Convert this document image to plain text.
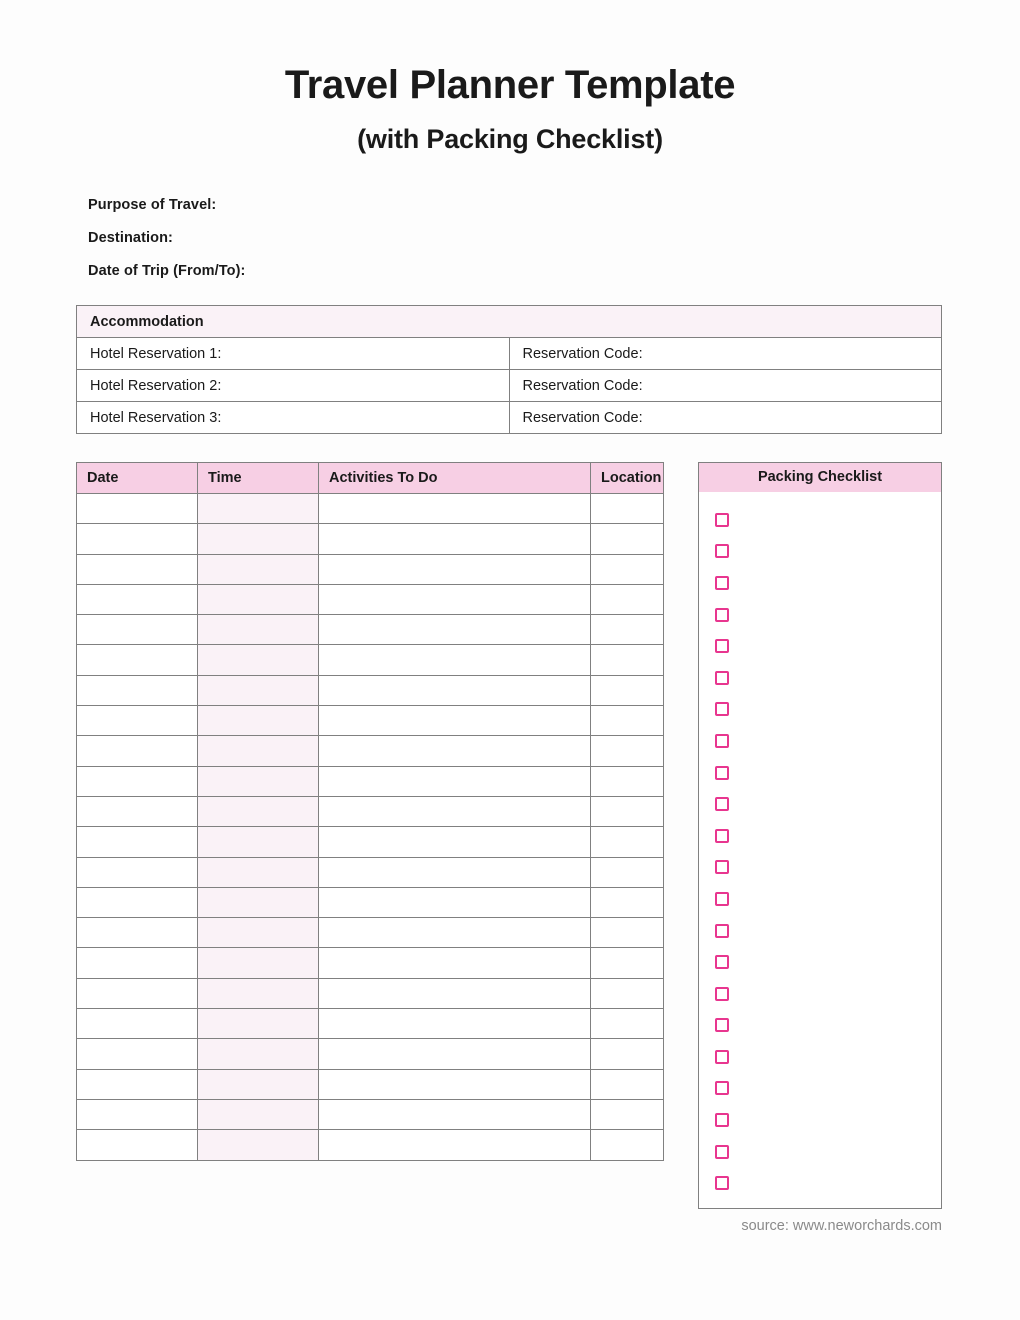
Travel Planner Template
(with Packing Checklist)
Purpose of Travel:
Destination:
Date of Trip (From/To):
Accommodation	
Hotel Reservation 1:	Reservation Code:
Hotel Reservation 2:	Reservation Code:
Hotel Reservation 3:	Reservation Code:
Date	Time	Activities To Do	Location

				Packing Checklist
source: www.neworchards.com
